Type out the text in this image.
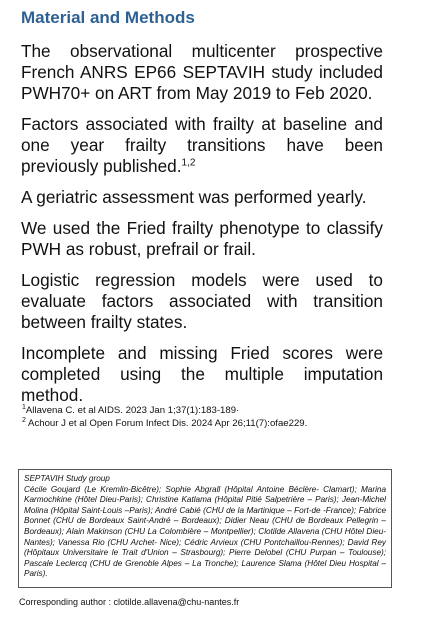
Material and Methods

The observational multicenter prospective French ANRS EP66 SEPTAVIH study included PWH70+ on ART from May 2019 to Feb 2020.

Factors associated with frailty at baseline and one year frailty transitions have been previously published.$^{1,2}$

A geriatric assessment was performed yearly.

We used the Fried frailty phenotype to classify PWH as robust, prefrail or frail.

Logistic regression models were used to evaluate factors associated with transition between frailty states.

Incomplete and missing Fried scores were completed using the multiple imputation method.

$^1$Allavena C. et al AIDS. 2023 Jan 1;37(1):183-189·

$^2$ Achour J et al Open Forum Infect Dis. 2024 Apr 26;11(7):ofae229.

SEPTAVIH Study group

Cécile Goujard (Le Kremlin-Bicêtre); Sophie Abgrall (Hôpital Antoine Béclère- Clamart); Marina Karmochkine (Hôtel Dieu-Paris); Christine Katlama (Hôpital Pitié Salpetrière – Paris); Jean-Michel Molina (Hôpital Saint-Louis –Paris); André Cabié (CHU de la Martinique – Fort-de -France); Fabrice Bonnet (CHU de Bordeaux Saint-André – Bordeaux); Didier Neau (CHU de Bordeaux Pellegrin – Bordeaux); Alain Makinson (CHU La Colombière – Montpellier); Clotilde Allavena (CHU Hôtel Dieu-Nantes); Vanessa Rio (CHU Archet- Nice); Cédric Arvieux (CHU Pontchaillou-Rennes); David Rey (Hôpitaux Universitaire le Trait d'Union – Strasbourg); Pierre Delobel (CHU Purpan – Toulouse); Pascale Leclercq (CHU de Grenoble Alpes – La Tronche); Laurence Slama (Hôtel Dieu Hospital – Paris).

Corresponding author : clotilde.allavena@chu-nantes.fr
